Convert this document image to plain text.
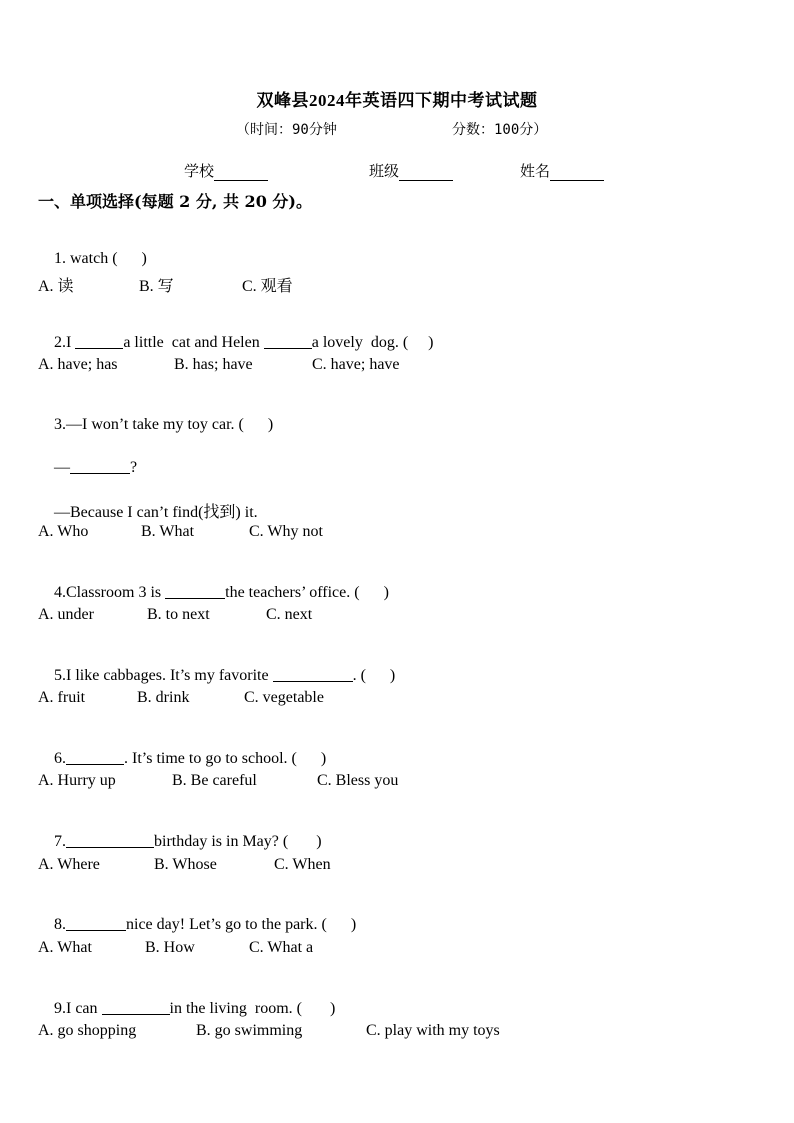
双峰县2024年英语四下期中考试试题
（时间：90分钟	分数：100分）
学校	班级	姓名
一、单项选择(每题 2 分, 共 20 分)。

1. watch (      )

A. 读	B. 写	C. 观看

2.I	a little  cat and Helen	a lovely  dog. (     )

A. have; has	B. has; have	C. have; have

3.—I won’t take my toy car. (      )

—	?

—Because I can’t find(找到) it.

A. Who	B. What	C. Why not

4.Classroom 3 is	the teachers’ office. (      )

A. under	B. to next	C. next

5.I like cabbages. It’s my favorite	. (      )

A. fruit	B. drink	C. vegetable

6.	. It’s time to go to school. (      )

A. Hurry up	B. Be careful	C. Bless you

7.	birthday is in May? (       )

A. Where	B. Whose	C. When

8.	nice day! Let’s go to the park. (      )

A. What	B. How	C. What a

9.I can	in the living  room. (       )

A. go shopping	B. go swimming	C. play with my toys
